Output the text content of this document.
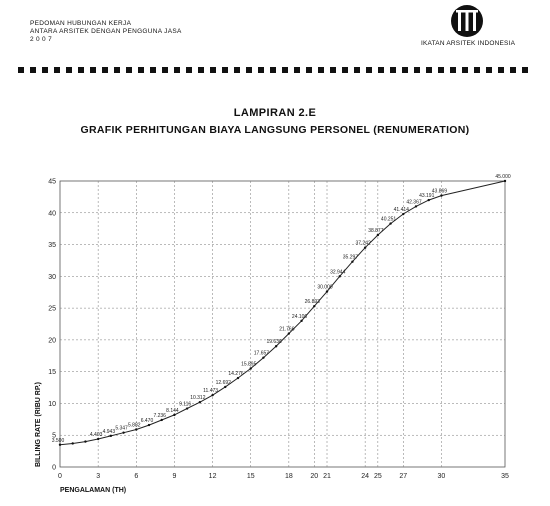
PEDOMAN HUBUNGAN KERJA
ANTARA ARSITEK DENGAN PENGGUNA JASA
2 0 0 7
IKATAN ARSITEK INDONESIA
LAMPIRAN 2.E
GRAFIK PERHITUNGAN BIAYA LANGSUNG PERSONEL (RENUMERATION)
0	3	6	9	12	15	18	20 21	24 25	27	30	35
0
5
10
15
20
25
30
35
40
45
3.500
4.403
4.943
5.347
5.882
6.470
7.236
8.144
9.116
10.312
11.473
12.692
14.276
15.895
17.657
19.636
21.766
24.106
26.893
30.000
32.944
35.297
37.242
38.877
40.251
41.414
42.367
43.191
43.869
45.000
PENGALAMAN (TH)
BILLING RATE (RIBU RP.)
